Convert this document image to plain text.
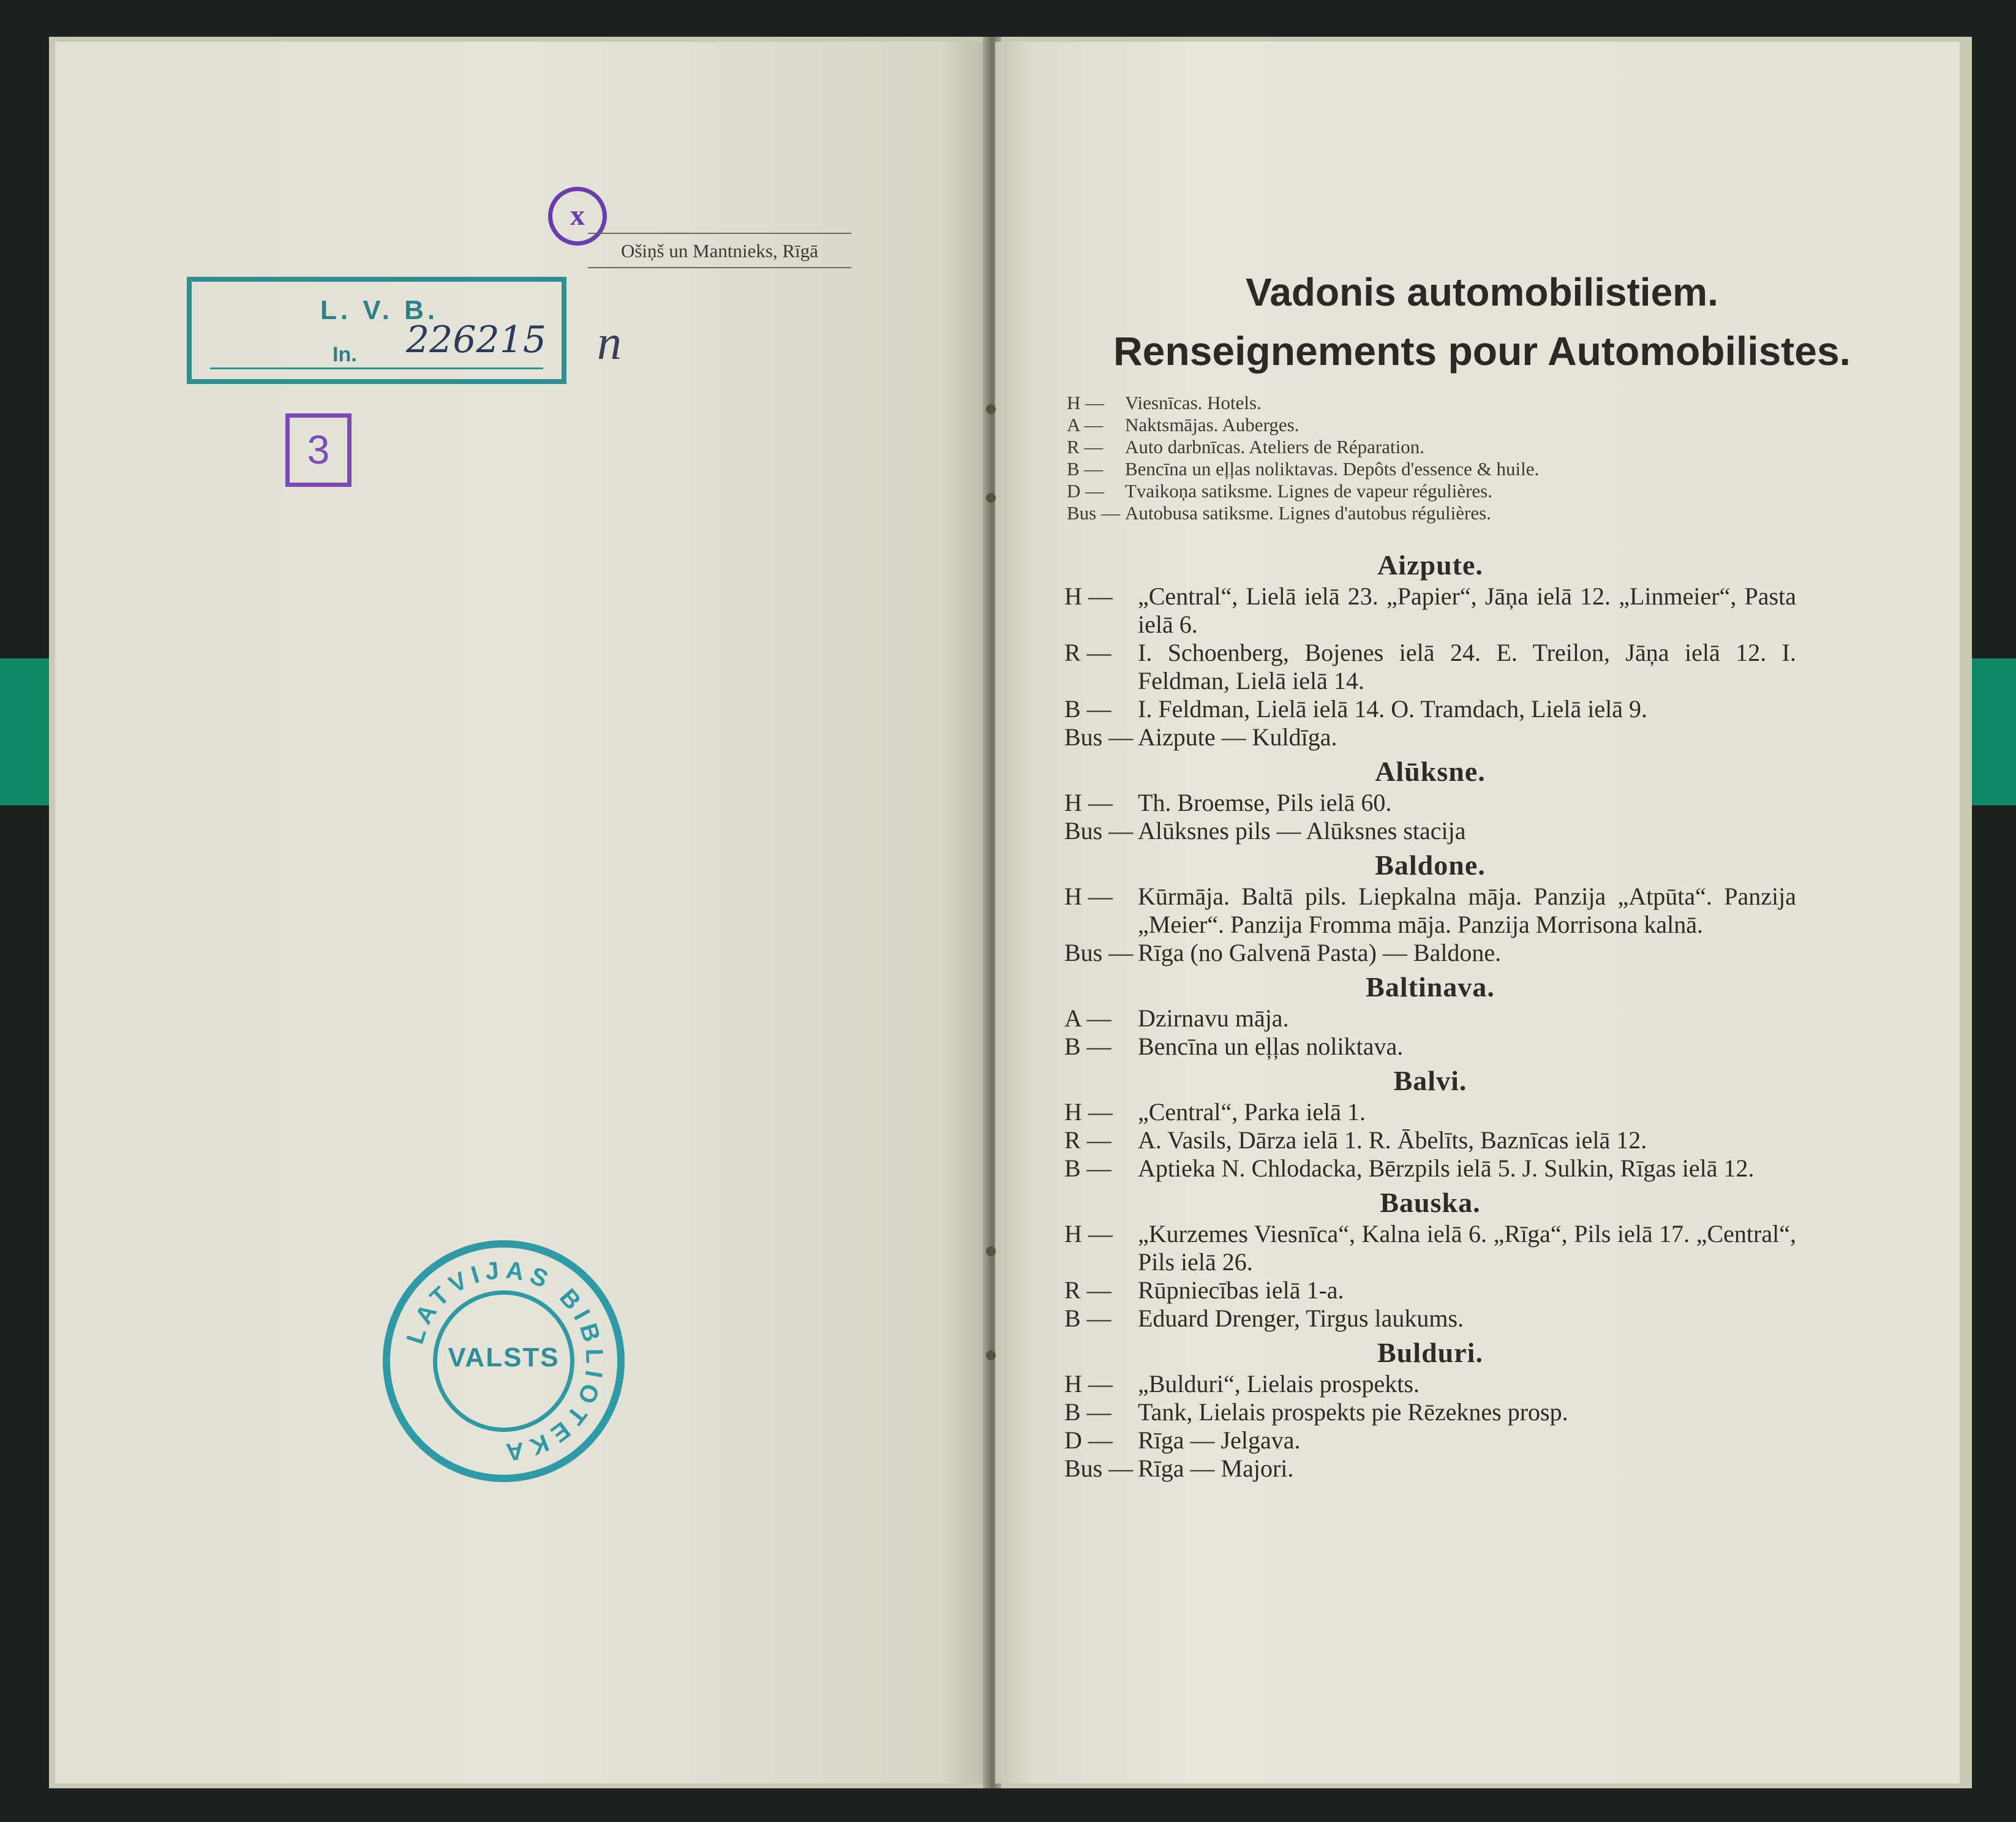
x
Ošiņš un Mantnieks, Rīgā
L. V. B.
In. 226215 n
3
LATVIJAS BIBLIOTEKA
VALSTS
Vadonis automobilistiem.
Renseignements pour Automobilistes.
H — Viesnīcas. Hotels.
A — Naktsmājas. Auberges.
R — Auto darbnīcas. Ateliers de Réparation.
B — Bencīna un eļļas noliktavas. Depôts d'essence & huile.
D — Tvaikoņa satiksme. Lignes de vapeur régulières.
Bus — Autobusa satiksme. Lignes d'autobus régulières.
Aizpute.
H —	„Central“, Lielā ielā 23. „Papier“, Jāņa ielā 12. „Linmeier“, Pasta ielā 6.
R —	I. Schoenberg, Bojenes ielā 24. E. Treilon, Jāņa ielā 12. I. Feldman, Lielā ielā 14.
B —	I. Feldman, Lielā ielā 14. O. Tramdach, Lielā ielā 9.
Bus — Aizpute — Kuldīga.
Alūksne.
H —	Th. Broemse, Pils ielā 60.
Bus — Alūksnes pils — Alūksnes stacija
Baldone.
H —	Kūrmāja. Baltā pils. Liepkalna māja. Panzija „Atpūta“. Panzija „Meier“. Panzija Fromma māja. Panzija Morrisona kalnā.
Bus — Rīga (no Galvenā Pasta) — Baldone.
Baltinava.
A —	Dzirnavu māja.
B —	Bencīna un eļļas noliktava.
Balvi.
H —	„Central“, Parka ielā 1.
R —	A. Vasils, Dārza ielā 1. R. Ābelīts, Baznīcas ielā 12.
B —	Aptieka N. Chlodacka, Bērzpils ielā 5. J. Sulkin, Rīgas ielā 12.
Bauska.
H —	„Kurzemes Viesnīca“, Kalna ielā 6. „Rīga“, Pils ielā 17. „Central“, Pils ielā 26.
R —	Rūpniecības ielā 1-a.
B —	Eduard Drenger, Tirgus laukums.
Bulduri.
H —	„Bulduri“, Lielais prospekts.
B —	Tank, Lielais prospekts pie Rēzeknes prosp.
D —	Rīga — Jelgava.
Bus — Rīga — Majori.
